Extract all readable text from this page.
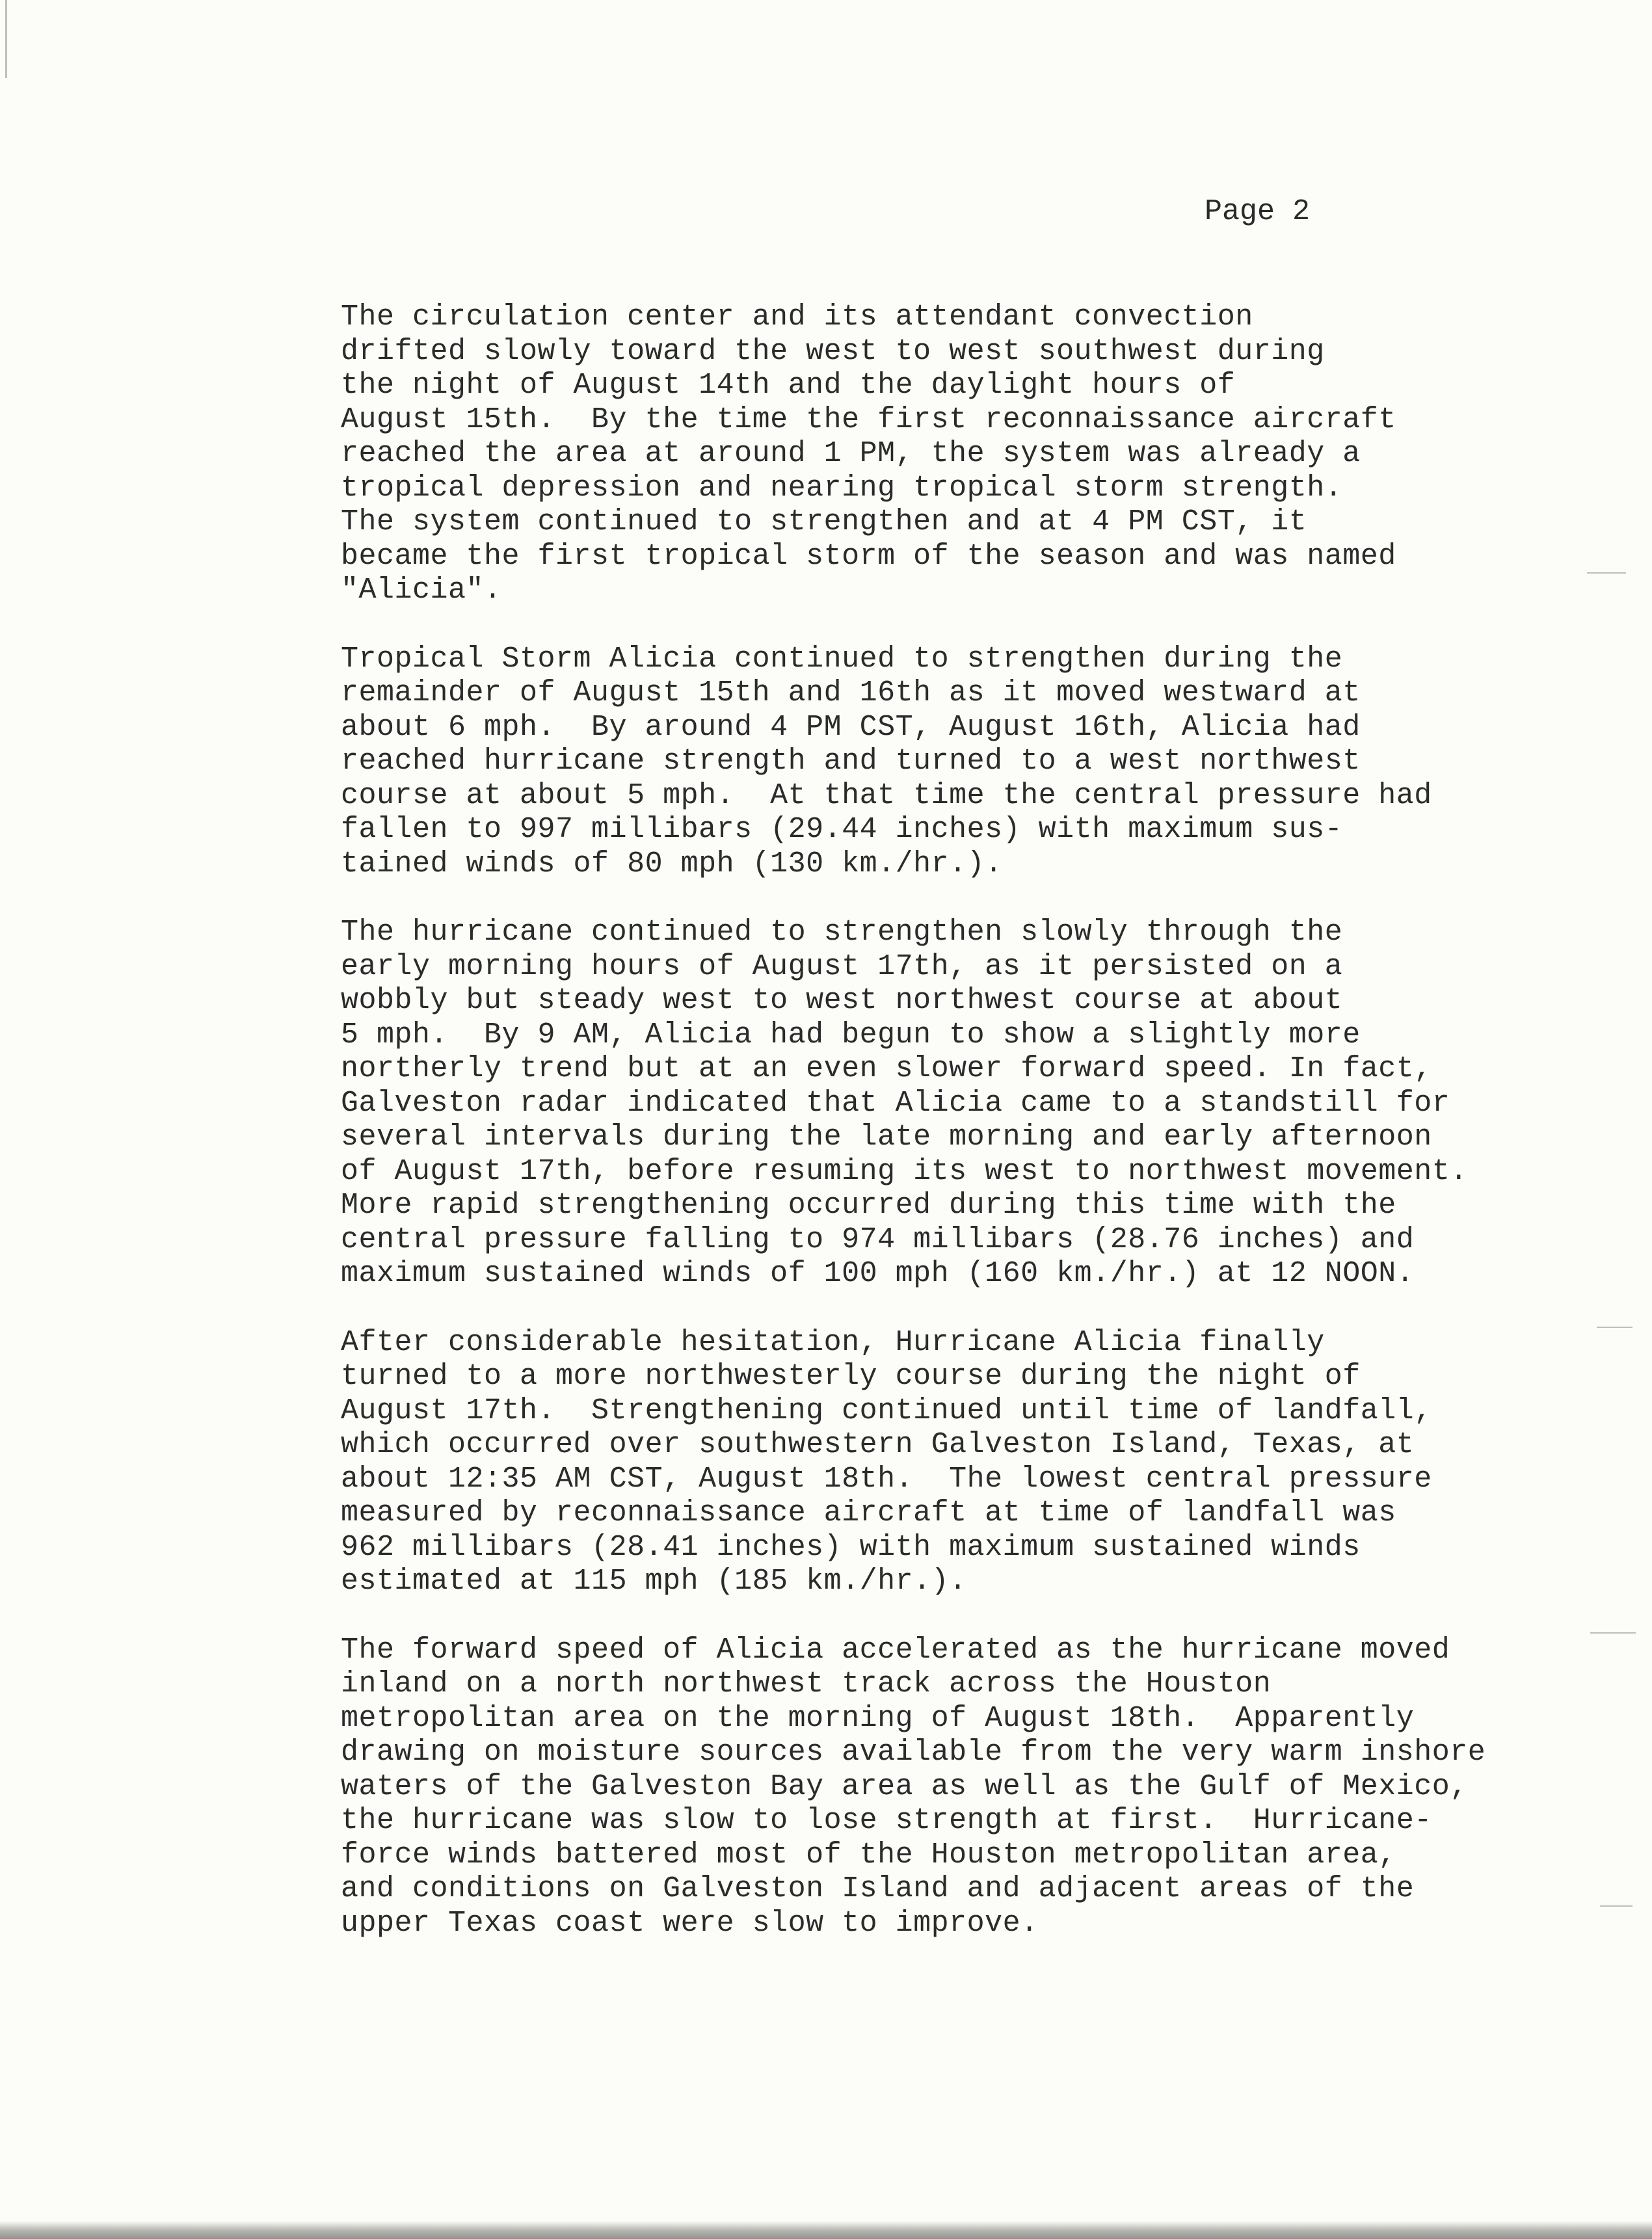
Page 2
The circulation center and its attendant convection
drifted slowly toward the west to west southwest during
the night of August 14th and the daylight hours of
August 15th.  By the time the first reconnaissance aircraft
reached the area at around 1 PM, the system was already a
tropical depression and nearing tropical storm strength.
The system continued to strengthen and at 4 PM CST, it
became the first tropical storm of the season and was named
"Alicia".
Tropical Storm Alicia continued to strengthen during the
remainder of August 15th and 16th as it moved westward at
about 6 mph.  By around 4 PM CST, August 16th, Alicia had
reached hurricane strength and turned to a west northwest
course at about 5 mph.  At that time the central pressure had
fallen to 997 millibars (29.44 inches) with maximum sus-
tained winds of 80 mph (130 km./hr.).
The hurricane continued to strengthen slowly through the
early morning hours of August 17th, as it persisted on a
wobbly but steady west to west northwest course at about
5 mph.  By 9 AM, Alicia had begun to show a slightly more
northerly trend but at an even slower forward speed. In fact,
Galveston radar indicated that Alicia came to a standstill for
several intervals during the late morning and early afternoon
of August 17th, before resuming its west to northwest movement.
More rapid strengthening occurred during this time with the
central pressure falling to 974 millibars (28.76 inches) and
maximum sustained winds of 100 mph (160 km./hr.) at 12 NOON.
After considerable hesitation, Hurricane Alicia finally
turned to a more northwesterly course during the night of
August 17th.  Strengthening continued until time of landfall,
which occurred over southwestern Galveston Island, Texas, at
about 12:35 AM CST, August 18th.  The lowest central pressure
measured by reconnaissance aircraft at time of landfall was
962 millibars (28.41 inches) with maximum sustained winds
estimated at 115 mph (185 km./hr.).
The forward speed of Alicia accelerated as the hurricane moved
inland on a north northwest track across the Houston
metropolitan area on the morning of August 18th.  Apparently
drawing on moisture sources available from the very warm inshore
waters of the Galveston Bay area as well as the Gulf of Mexico,
the hurricane was slow to lose strength at first.  Hurricane-
force winds battered most of the Houston metropolitan area,
and conditions on Galveston Island and adjacent areas of the
upper Texas coast were slow to improve.
